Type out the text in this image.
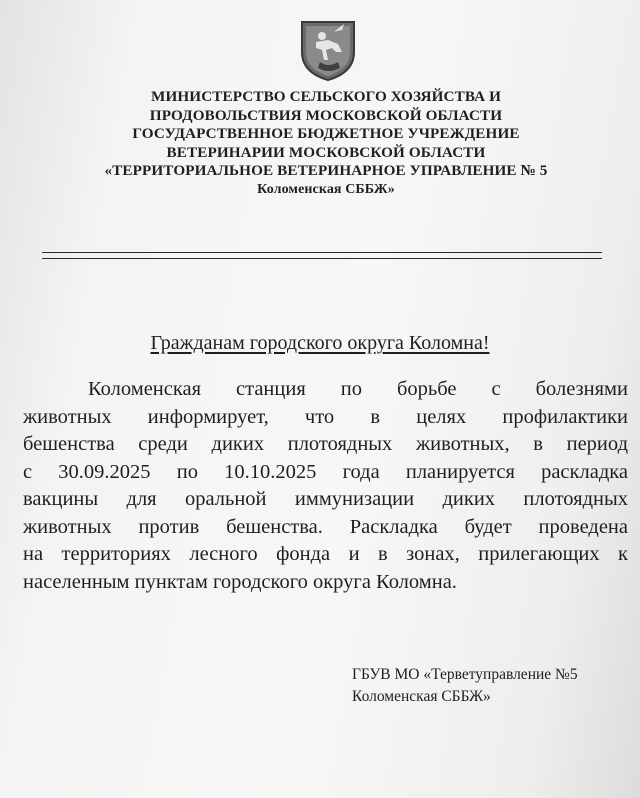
МИНИСТЕРСТВО СЕЛЬСКОГО ХОЗЯЙСТВА И
ПРОДОВОЛЬСТВИЯ МОСКОВСКОЙ ОБЛАСТИ
ГОСУДАРСТВЕННОЕ БЮДЖЕТНОЕ УЧРЕЖДЕНИЕ
ВЕТЕРИНАРИИ МОСКОВСКОЙ ОБЛАСТИ
«ТЕРРИТОРИАЛЬНОЕ ВЕТЕРИНАРНОЕ УПРАВЛЕНИЕ № 5
Коломенская СББЖ»
Гражданам городского округа Коломна!
Коломенская станция по борьбе с болезнями
животных информирует, что в целях профилактики
бешенства среди диких плотоядных животных, в период
с 30.09.2025 по 10.10.2025 года планируется раскладка
вакцины для оральной иммунизации диких плотоядных
животных против бешенства. Раскладка будет проведена
на территориях лесного фонда и в зонах, прилегающих к
населенным пунктам городского округа Коломна.
ГБУВ МО «Терветуправление №5
Коломенская СББЖ»
